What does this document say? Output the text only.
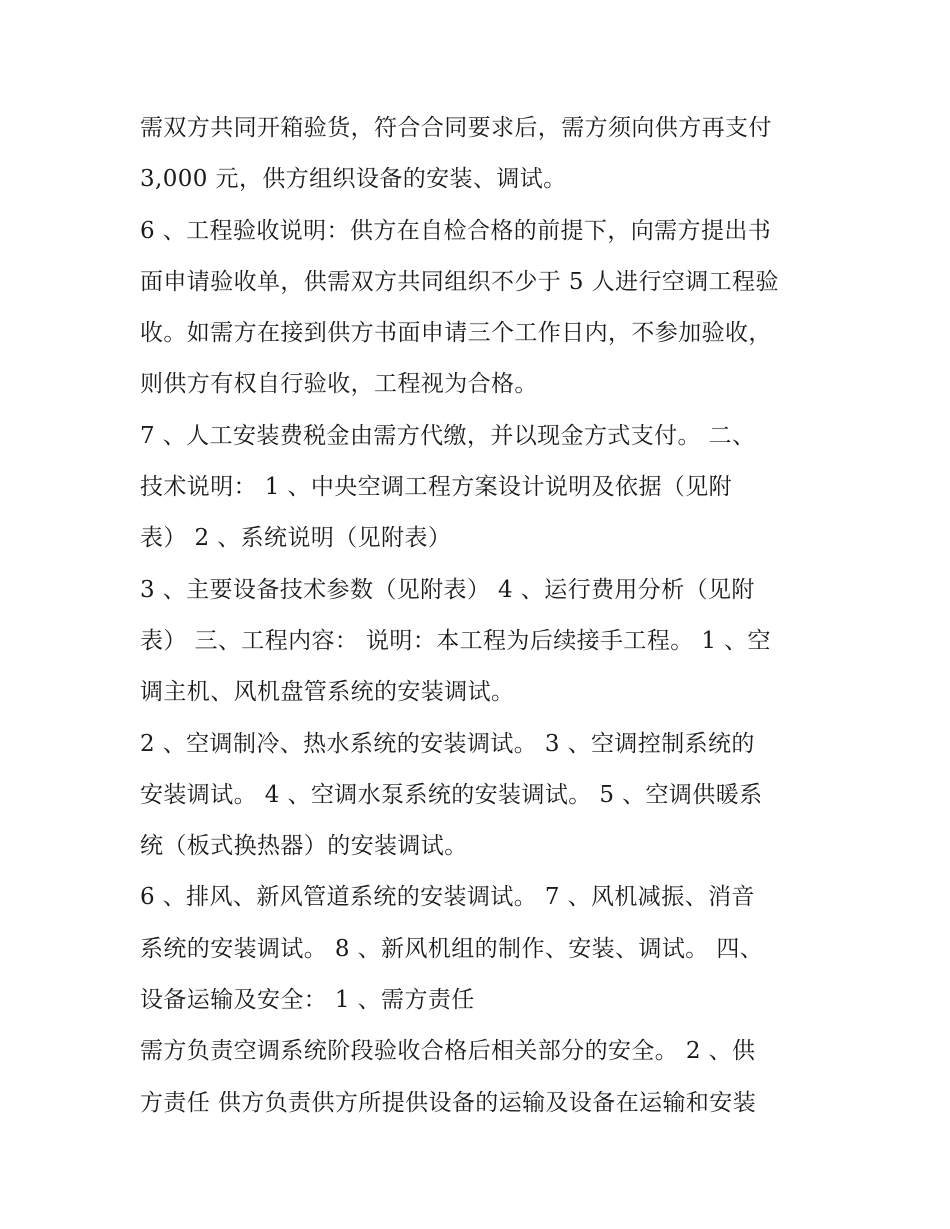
需双方共同开箱验货，符合合同要求后，需方须向供方再支付
3,000 元，供方组织设备的安装、调试。
6 、工程验收说明：供方在自检合格的前提下，向需方提出书
面申请验收单，供需双方共同组织不少于 5 人进行空调工程验
收。如需方在接到供方书面申请三个工作日内，不参加验收，
则供方有权自行验收，工程视为合格。
7 、人工安装费税金由需方代缴，并以现金方式支付。 二、
技术说明： 1 、中央空调工程方案设计说明及依据（见附
表） 2 、系统说明（见附表）
3 、主要设备技术参数（见附表） 4 、运行费用分析（见附
表） 三、工程内容： 说明：本工程为后续接手工程。 1 、空
调主机、风机盘管系统的安装调试。
2 、空调制冷、热水系统的安装调试。 3 、空调控制系统的
安装调试。 4 、空调水泵系统的安装调试。 5 、空调供暖系
统（板式换热器）的安装调试。
6 、排风、新风管道系统的安装调试。 7 、风机减振、消音
系统的安装调试。 8 、新风机组的制作、安装、调试。 四、
设备运输及安全： 1 、需方责任
需方负责空调系统阶段验收合格后相关部分的安全。 2 、供
方责任 供方负责供方所提供设备的运输及设备在运输和安装
